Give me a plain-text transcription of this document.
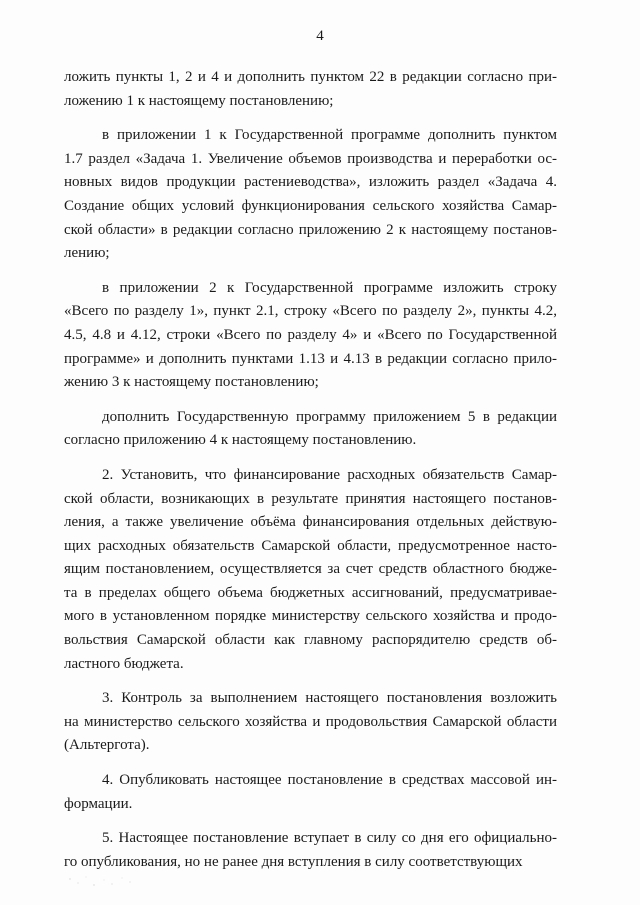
4
ложить пункты 1, 2 и 4 и дополнить пунктом 22 в редакции согласно при-
ложению 1 к настоящему постановлению;
в приложении 1 к Государственной программе дополнить пунктом
1.7 раздел «Задача 1. Увеличение объемов производства и переработки ос-
новных видов продукции растениеводства», изложить раздел «Задача 4.
Создание общих условий функционирования сельского хозяйства Самар-
ской области» в редакции согласно приложению 2 к настоящему постанов-
лению;
в приложении 2 к Государственной программе изложить строку
«Всего по разделу 1», пункт 2.1, строку «Всего по разделу 2», пункты 4.2,
4.5, 4.8 и 4.12, строки «Всего по разделу 4» и «Всего по Государственной
программе» и дополнить пунктами 1.13 и 4.13 в редакции согласно прило-
жению 3 к настоящему постановлению;
дополнить Государственную программу приложением 5 в редакции
согласно приложению 4 к настоящему постановлению.
2. Установить, что финансирование расходных обязательств Самар-
ской области, возникающих в результате принятия настоящего постанов-
ления, а также увеличение объёма финансирования отдельных действую-
щих расходных обязательств Самарской области, предусмотренное насто-
ящим постановлением, осуществляется за счет средств областного бюдже-
та в пределах общего объема бюджетных ассигнований, предусматривае-
мого в установленном порядке министерству сельского хозяйства и продо-
вольствия Самарской области как главному распорядителю средств об-
ластного бюджета.
3. Контроль за выполнением настоящего постановления возложить
на министерство сельского хозяйства и продовольствия Самарской области
(Альтергота).
4. Опубликовать настоящее постановление в средствах массовой ин-
формации.
5. Настоящее постановление вступает в силу со дня его официально-
го опубликования, но не ранее дня вступления в силу соответствующих
